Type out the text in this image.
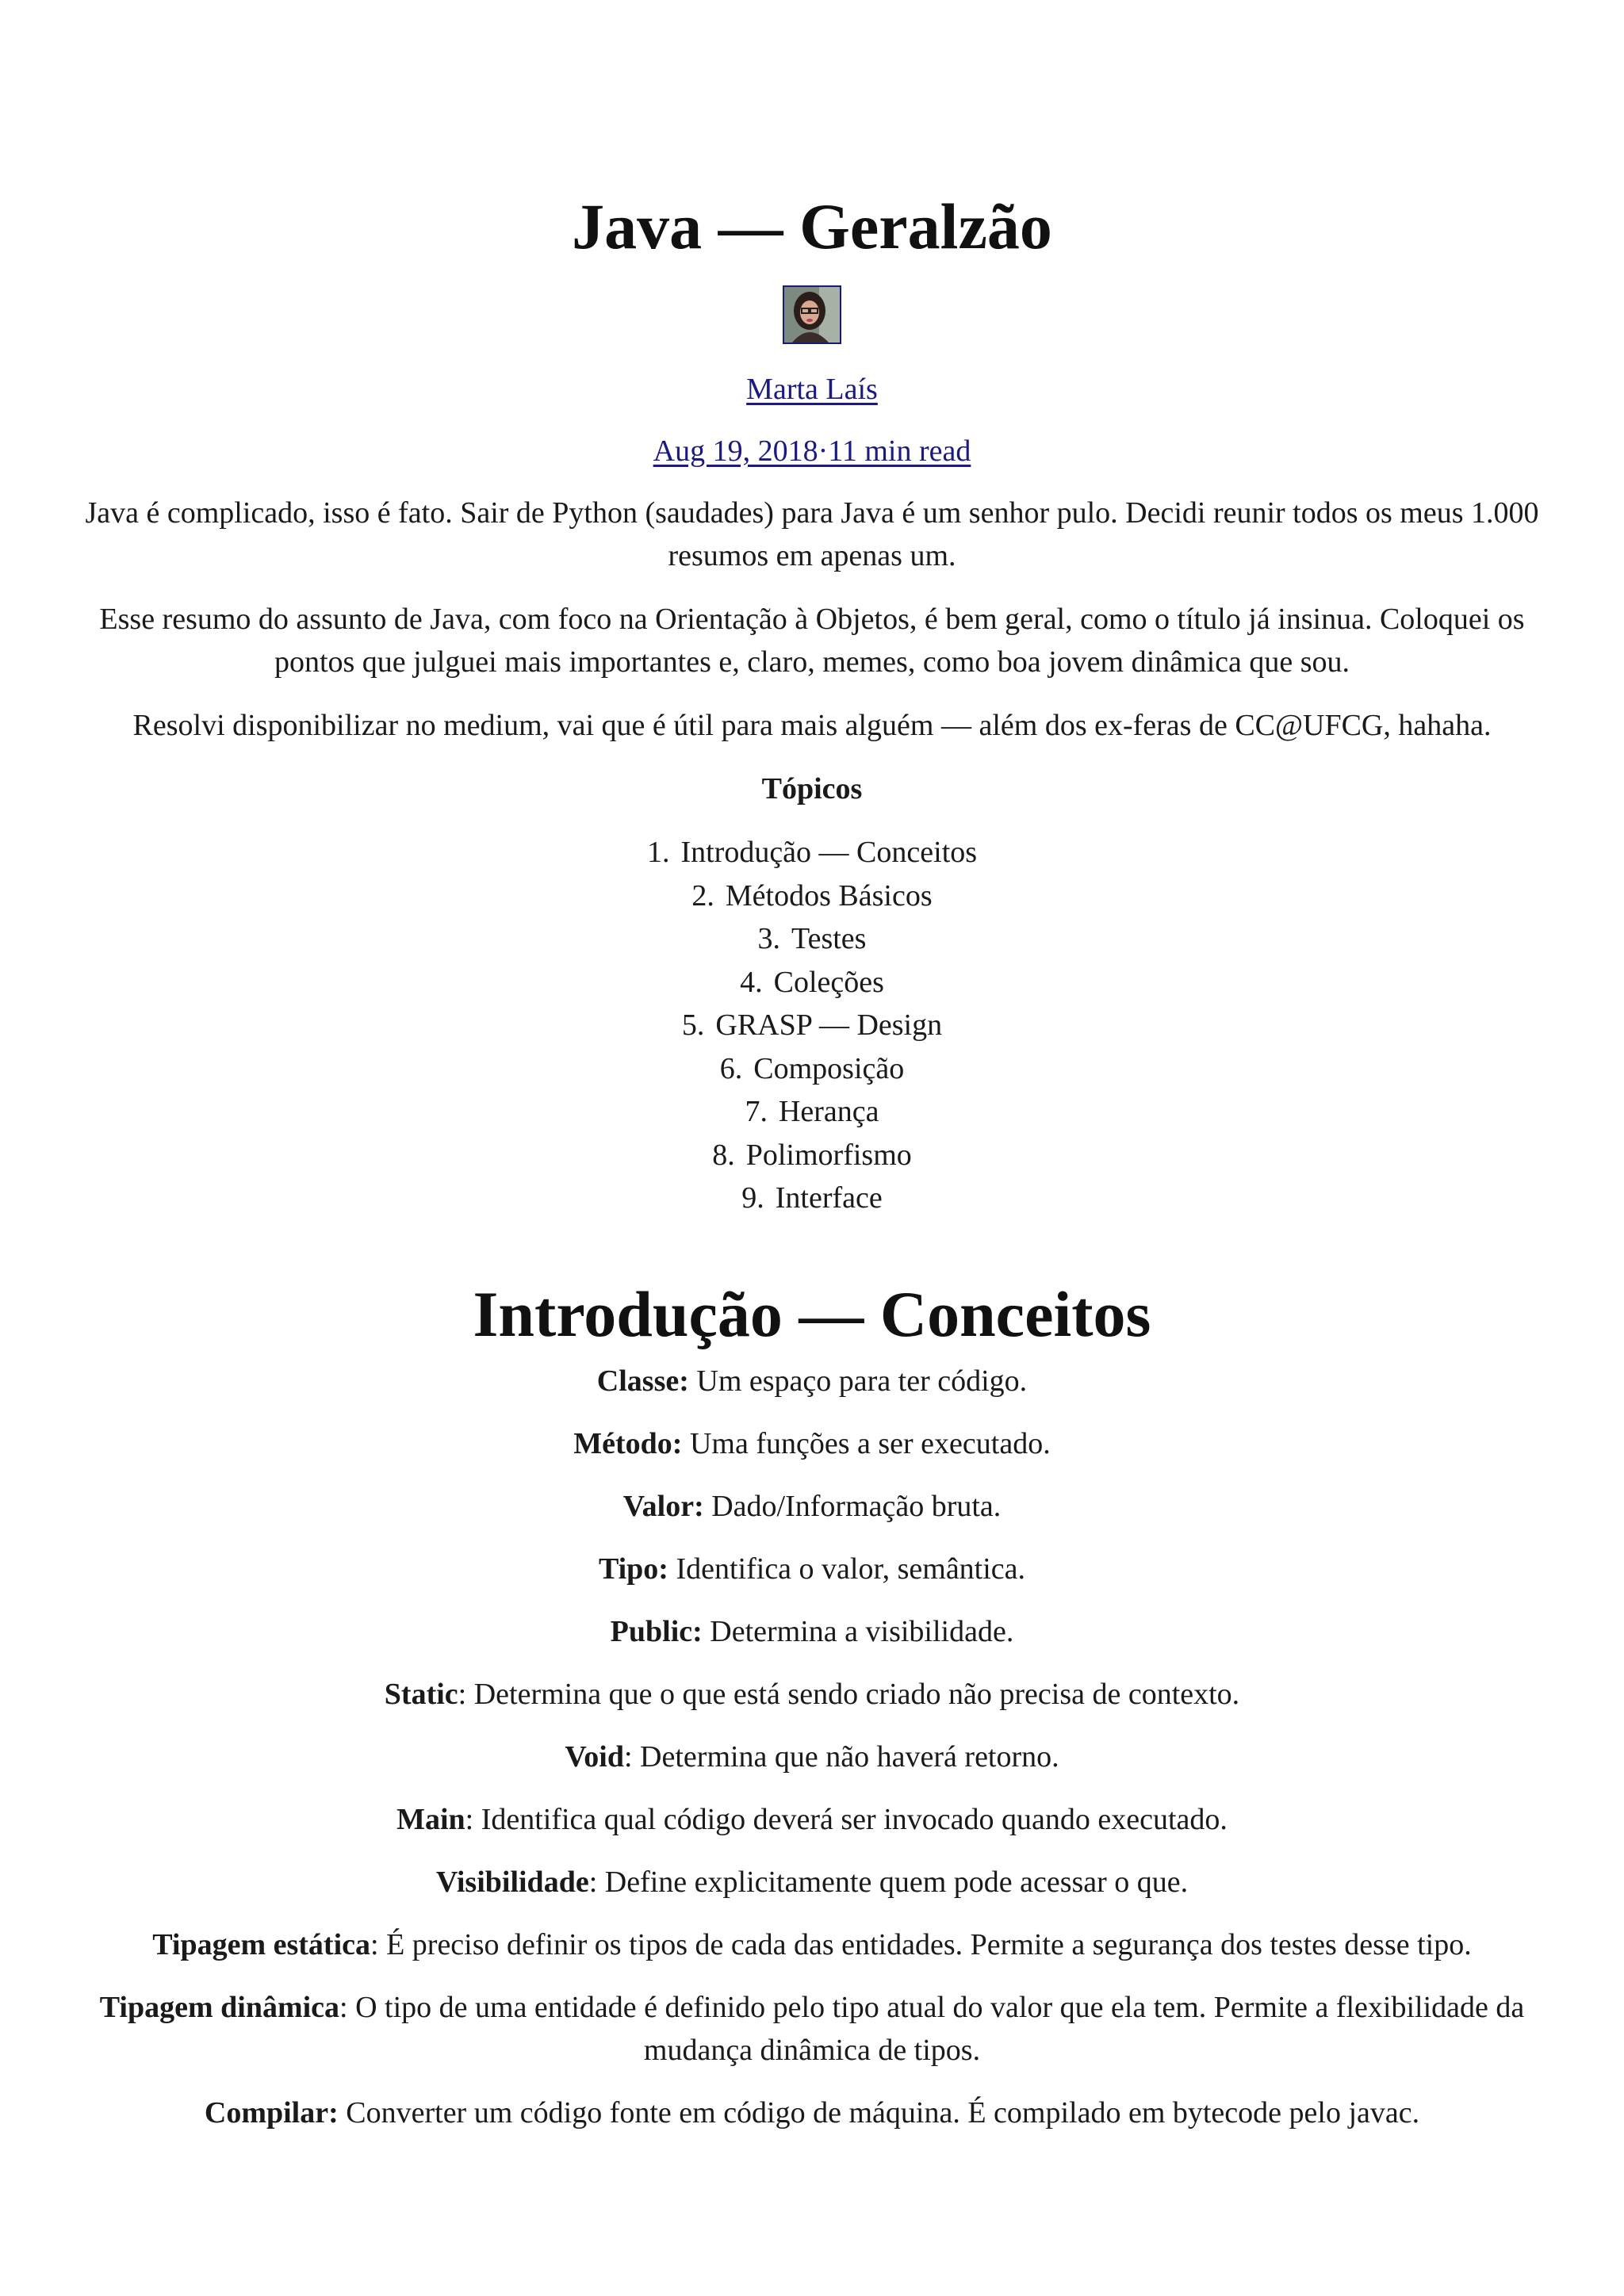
Java — Geralzão
Marta Laís
Aug 19, 2018·11 min read

Java é complicado, isso é fato. Sair de Python (saudades) para Java é um senhor pulo. Decidi reunir todos os meus 1.000 resumos em apenas um.

Esse resumo do assunto de Java, com foco na Orientação à Objetos, é bem geral, como o título já insinua. Coloquei os pontos que julguei mais importantes e, claro, memes, como boa jovem dinâmica que sou.

Resolvi disponibilizar no medium, vai que é útil para mais alguém — além dos ex-feras de CC@UFCG, hahaha.

Tópicos

1. Introdução — Conceitos
2. Métodos Básicos
3. Testes
4. Coleções
5. GRASP — Design
6. Composição
7. Herança
8. Polimorfismo
9. Interface
Introdução — Conceitos

Classe: Um espaço para ter código.

Método: Uma funções a ser executado.

Valor: Dado/Informação bruta.

Tipo: Identifica o valor, semântica.

Public: Determina a visibilidade.

Static: Determina que o que está sendo criado não precisa de contexto.

Void: Determina que não haverá retorno.

Main: Identifica qual código deverá ser invocado quando executado.

Visibilidade: Define explicitamente quem pode acessar o que.

Tipagem estática: É preciso definir os tipos de cada das entidades. Permite a segurança dos testes desse tipo.

Tipagem dinâmica: O tipo de uma entidade é definido pelo tipo atual do valor que ela tem. Permite a flexibilidade da mudança dinâmica de tipos.

Compilar: Converter um código fonte em código de máquina. É compilado em bytecode pelo javac.
